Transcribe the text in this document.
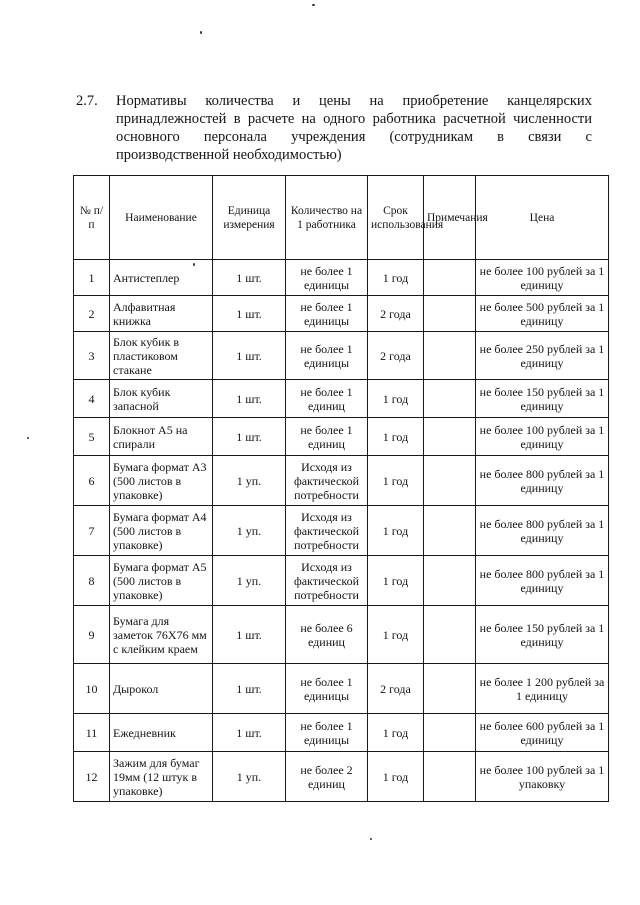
2.7. Нормативы количества и цены на приобретение канцелярских
принадлежностей в расчете на одного работника расчетной численности
основного персонала учреждения (сотрудникам в связи с
производственной необходимостью)
№ п/п	Наименование	Единица измерения	Количество на 1 работника	Срок использования	Примечания	Цена
1	Антистеплер	1 шт.	не более 1 единицы	1 год		не более 100 рублей за 1 единицу
2	Алфавитная книжка	1 шт.	не более 1 единицы	2 года		не более 500 рублей за 1 единицу
3	Блок кубик в пластиковом стакане	1 шт.	не более 1 единицы	2 года		не более 250 рублей за 1 единицу
4	Блок кубик запасной	1 шт.	не более 1 единиц	1 год		не более 150 рублей за 1 единицу
5	Блокнот А5 на спирали	1 шт.	не более 1 единиц	1 год		не более 100 рублей за 1 единицу
6	Бумага формат А3 (500 листов в упаковке)	1 уп.	Исходя из фактической потребности	1 год		не более 800 рублей за 1 единицу
7	Бумага формат А4 (500 листов в упаковке)	1 уп.	Исходя из фактической потребности	1 год		не более 800 рублей за 1 единицу
8	Бумага формат А5 (500 листов в упаковке)	1 уп.	Исходя из фактической потребности	1 год		не более 800 рублей за 1 единицу
9	Бумага для заметок 76Х76 мм с клейким краем	1 шт.	не более 6 единиц	1 год		не более 150 рублей за 1 единицу
10	Дырокол	1 шт.	не более 1 единицы	2 года		не более 1 200 рублей за 1 единицу
11	Ежедневник	1 шт.	не более 1 единицы	1 год		не более 600 рублей за 1 единицу
12	Зажим для бумаг 19мм (12 штук в упаковке)	1 уп.	не более 2 единиц	1 год		не более 100 рублей за 1 упаковку
